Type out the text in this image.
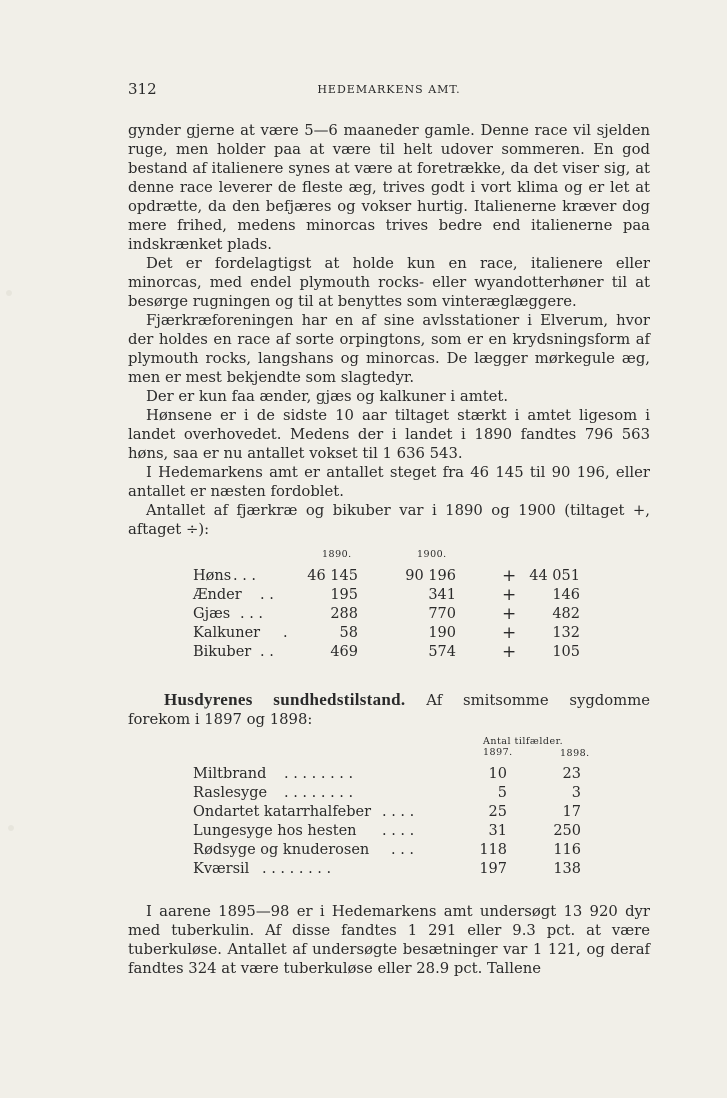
312	HEDEMARKENS AMT.

gynder gjerne at være 5—6 maaneder gamle. Denne race vil sjelden ruge, men holder paa at være til helt udover sommeren. En god bestand af italienere synes at være at foretrække, da det viser sig, at denne race leverer de fleste æg, trives godt i vort klima og er let at opdrætte, da den befjæres og vokser hurtig. Italienerne kræver dog mere frihed, medens minorcas trives bedre end italienerne paa indskrænket plads.

Det er fordelagtigst at holde kun en race, italienere eller minorcas, med endel plymouth rocks- eller wyandotterhøner til at besørge rugningen og til at benyttes som vinteræglæggere.

Fjærkræforeningen har en af sine avlsstationer i Elverum, hvor der holdes en race af sorte orpingtons, som er en krydsningsform af plymouth rocks, langshans og minorcas. De lægger mørkegule æg, men er mest bekjendte som slagtedyr.

Der er kun faa ænder, gjæs og kalkuner i amtet.

Hønsene er i de sidste 10 aar tiltaget stærkt i amtet ligesom i landet overhovedet. Medens der i landet i 1890 fandtes 796 563 høns, saa er nu antallet vokset til 1 636 543.

I Hedemarkens amt er antallet steget fra 46 145 til 90 196, eller antallet er næsten fordoblet.

Antallet af fjærkræ og bikuber var i 1890 og 1900 (tiltaget +, aftaget ÷):

1890.	1900.
Høns . . .	46 145	90 196	+ 44 051
Ænder . .	195	341	+	146
Gjæs . . .	288	770	+	482
Kalkuner .	58	190	+	132
Bikuber . .	469	574	+	105

Husdyrenes sundhedstilstand. Af smitsomme sygdomme forekom i 1897 og 1898:

Antal tilfælder.
1897.	1898.
Miltbrand . . . . . . . .	10	23
Raslesyge . . . . . . . .	5	3
Ondartet katarrhalfeber . . . .	25	17
Lungesyge hos hesten . . . .	31	250
Rødsyge og knuderosen . . .	118	116
Kværsil . . . . . . . .	197	138

I aarene 1895—98 er i Hedemarkens amt undersøgt 13 920 dyr med tuberkulin. Af disse fandtes 1 291 eller 9.3 pct. at være tuberkuløse. Antallet af undersøgte besætninger var 1 121, og deraf fandtes 324 at være tuberkuløse eller 28.9 pct. Tallene
